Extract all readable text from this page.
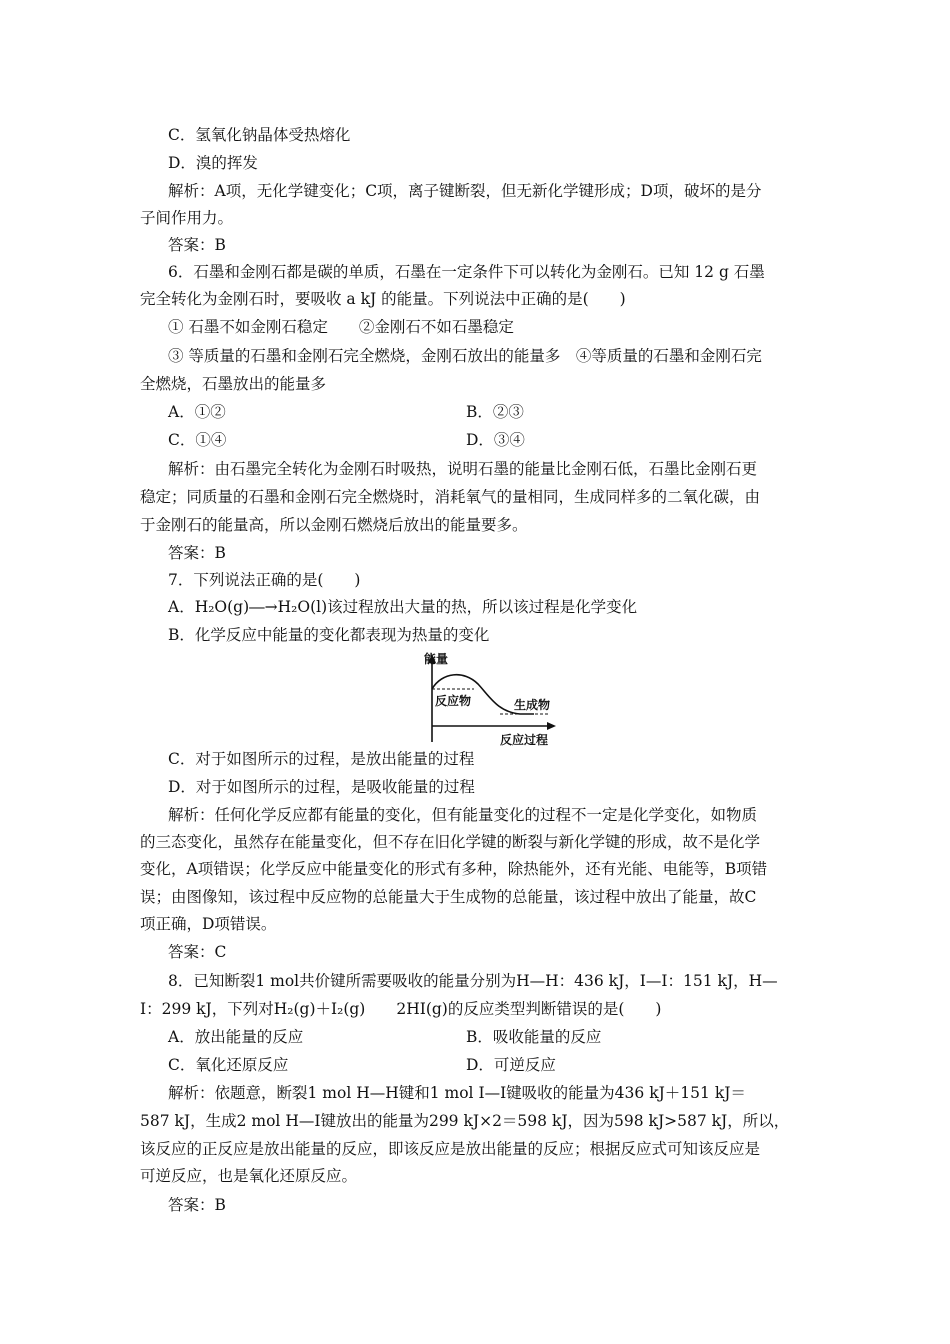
C．氢氧化钠晶体受热熔化
D．溴的挥发
解析：A项，无化学键变化；C项，离子键断裂，但无新化学键形成；D项，破坏的是分
子间作用力。
答案：B
6．石墨和金刚石都是碳的单质，石墨在一定条件下可以转化为金刚石。已知 12 g 石墨
完全转化为金刚石时，要吸收 a kJ 的能量。下列说法中正确的是(　　)
① 石墨不如金刚石稳定　　②金刚石不如石墨稳定
③ 等质量的石墨和金刚石完全燃烧，金刚石放出的能量多　④等质量的石墨和金刚石完
全燃烧，石墨放出的能量多
A．①②	B．②③
C．①④	D．③④
解析：由石墨完全转化为金刚石时吸热，说明石墨的能量比金刚石低，石墨比金刚石更
稳定；同质量的石墨和金刚石完全燃烧时，消耗氧气的量相同，生成同样多的二氧化碳，由
于金刚石的能量高，所以金刚石燃烧后放出的能量要多。
答案：B
7．下列说法正确的是(　　)
A．H₂O(g)―→H₂O(l)该过程放出大量的热，所以该过程是化学变化
B．化学反应中能量的变化都表现为热量的变化
能量
反应物	生成物
反应过程
C．对于如图所示的过程，是放出能量的过程
D．对于如图所示的过程，是吸收能量的过程
解析：任何化学反应都有能量的变化，但有能量变化的过程不一定是化学变化，如物质
的三态变化，虽然存在能量变化，但不存在旧化学键的断裂与新化学键的形成，故不是化学
变化，A项错误；化学反应中能量变化的形式有多种，除热能外，还有光能、电能等，B项错
误；由图像知，该过程中反应物的总能量大于生成物的总能量，该过程中放出了能量，故C
项正确，D项错误。
答案：C
8．已知断裂1 mol共价键所需要吸收的能量分别为H—H：436 kJ，I—I：151 kJ，H—
I：299 kJ，下列对H₂(g)＋I₂(g)　　2HI(g)的反应类型判断错误的是(　　)
A．放出能量的反应	B．吸收能量的反应
C．氧化还原反应	D．可逆反应
解析：依题意，断裂1 mol H—H键和1 mol I—I键吸收的能量为436 kJ＋151 kJ＝
587 kJ，生成2 mol H—I键放出的能量为299 kJ×2＝598 kJ，因为598 kJ>587 kJ，所以，
该反应的正反应是放出能量的反应，即该反应是放出能量的反应；根据反应式可知该反应是
可逆反应，也是氧化还原反应。
答案：B
